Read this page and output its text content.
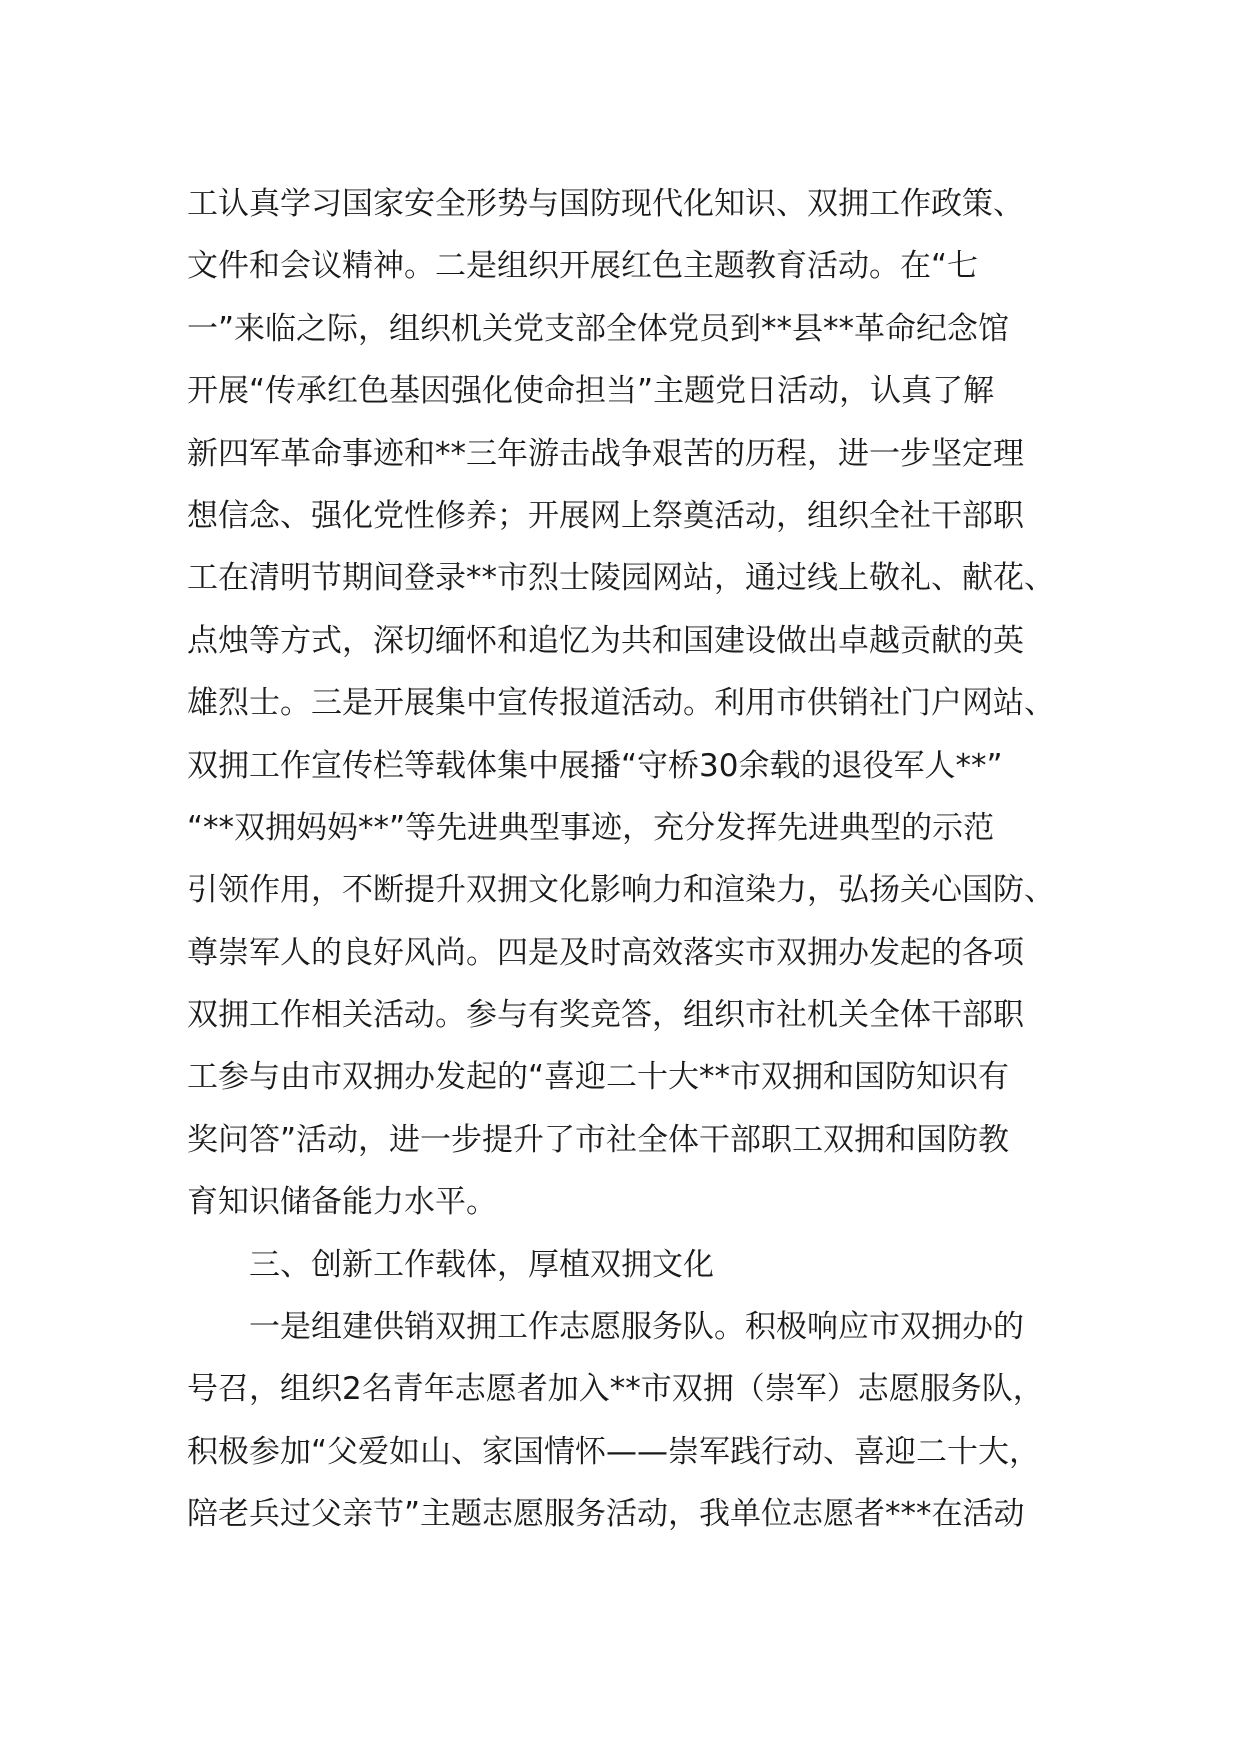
工认真学习国家安全形势与国防现代化知识、双拥工作政策、
文件和会议精神。二是组织开展红色主题教育活动。在“七
一”来临之际，组织机关党支部全体党员到**县**革命纪念馆
开展“传承红色基因强化使命担当”主题党日活动，认真了解
新四军革命事迹和**三年游击战争艰苦的历程，进一步坚定理
想信念、强化党性修养；开展网上祭奠活动，组织全社干部职
工在清明节期间登录**市烈士陵园网站，通过线上敬礼、献花、
点烛等方式，深切缅怀和追忆为共和国建设做出卓越贡献的英
雄烈士。三是开展集中宣传报道活动。利用市供销社门户网站、
双拥工作宣传栏等载体集中展播“守桥30余载的退役军人**”
“**双拥妈妈**”等先进典型事迹，充分发挥先进典型的示范
引领作用，不断提升双拥文化影响力和渲染力，弘扬关心国防、
尊崇军人的良好风尚。四是及时高效落实市双拥办发起的各项
双拥工作相关活动。参与有奖竞答，组织市社机关全体干部职
工参与由市双拥办发起的“喜迎二十大**市双拥和国防知识有
奖问答”活动，进一步提升了市社全体干部职工双拥和国防教
育知识储备能力水平。
三、创新工作载体，厚植双拥文化
一是组建供销双拥工作志愿服务队。积极响应市双拥办的
号召，组织2名青年志愿者加入**市双拥（崇军）志愿服务队，
积极参加“父爱如山、家国情怀——崇军践行动、喜迎二十大，
陪老兵过父亲节”主题志愿服务活动，我单位志愿者***在活动
